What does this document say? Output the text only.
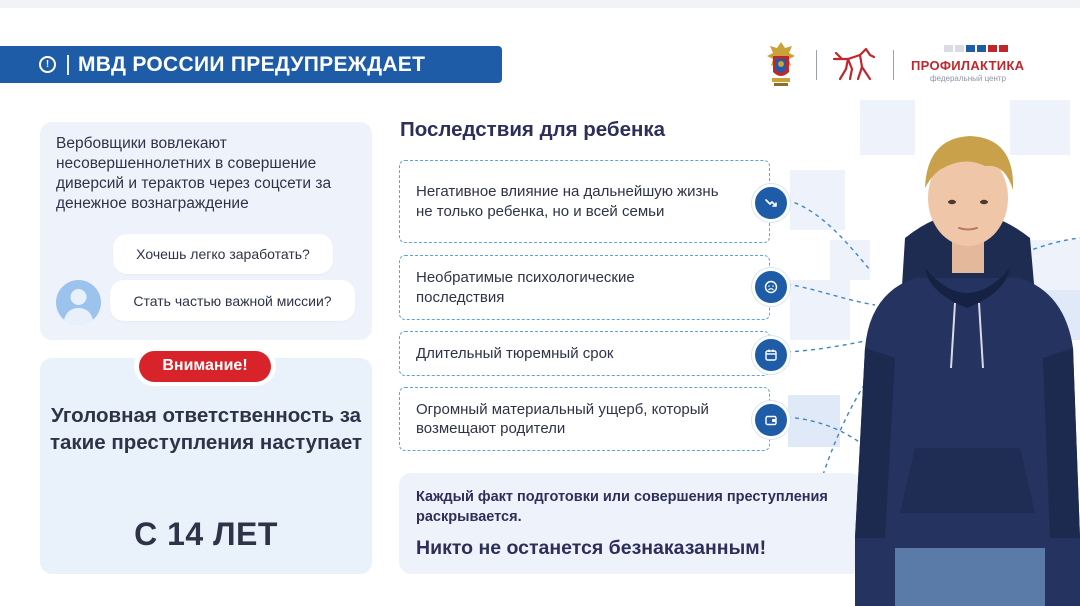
!	МВД РОССИИ ПРЕДУПРЕЖДАЕТ	ПРОФИЛАКТИКА
федеральный центр
Вербовщики вовлекают несовершеннолетних в совершение диверсий и терактов через соцсети за денежное вознаграждение
Хочешь легко заработать?
Стать частью важной миссии?
Внимание!
Уголовная ответственность за такие преступления наступает
С 14 ЛЕТ
Последствия для ребенка
Негативное влияние на дальнейшую жизнь не только ребенка, но и всей семьи
Необратимые психологические последствия
Длительный тюремный срок
Огромный материальный ущерб, который возмещают родители
Каждый факт подготовки или совершения преступления раскрывается.
Никто не останется безнаказанным!
